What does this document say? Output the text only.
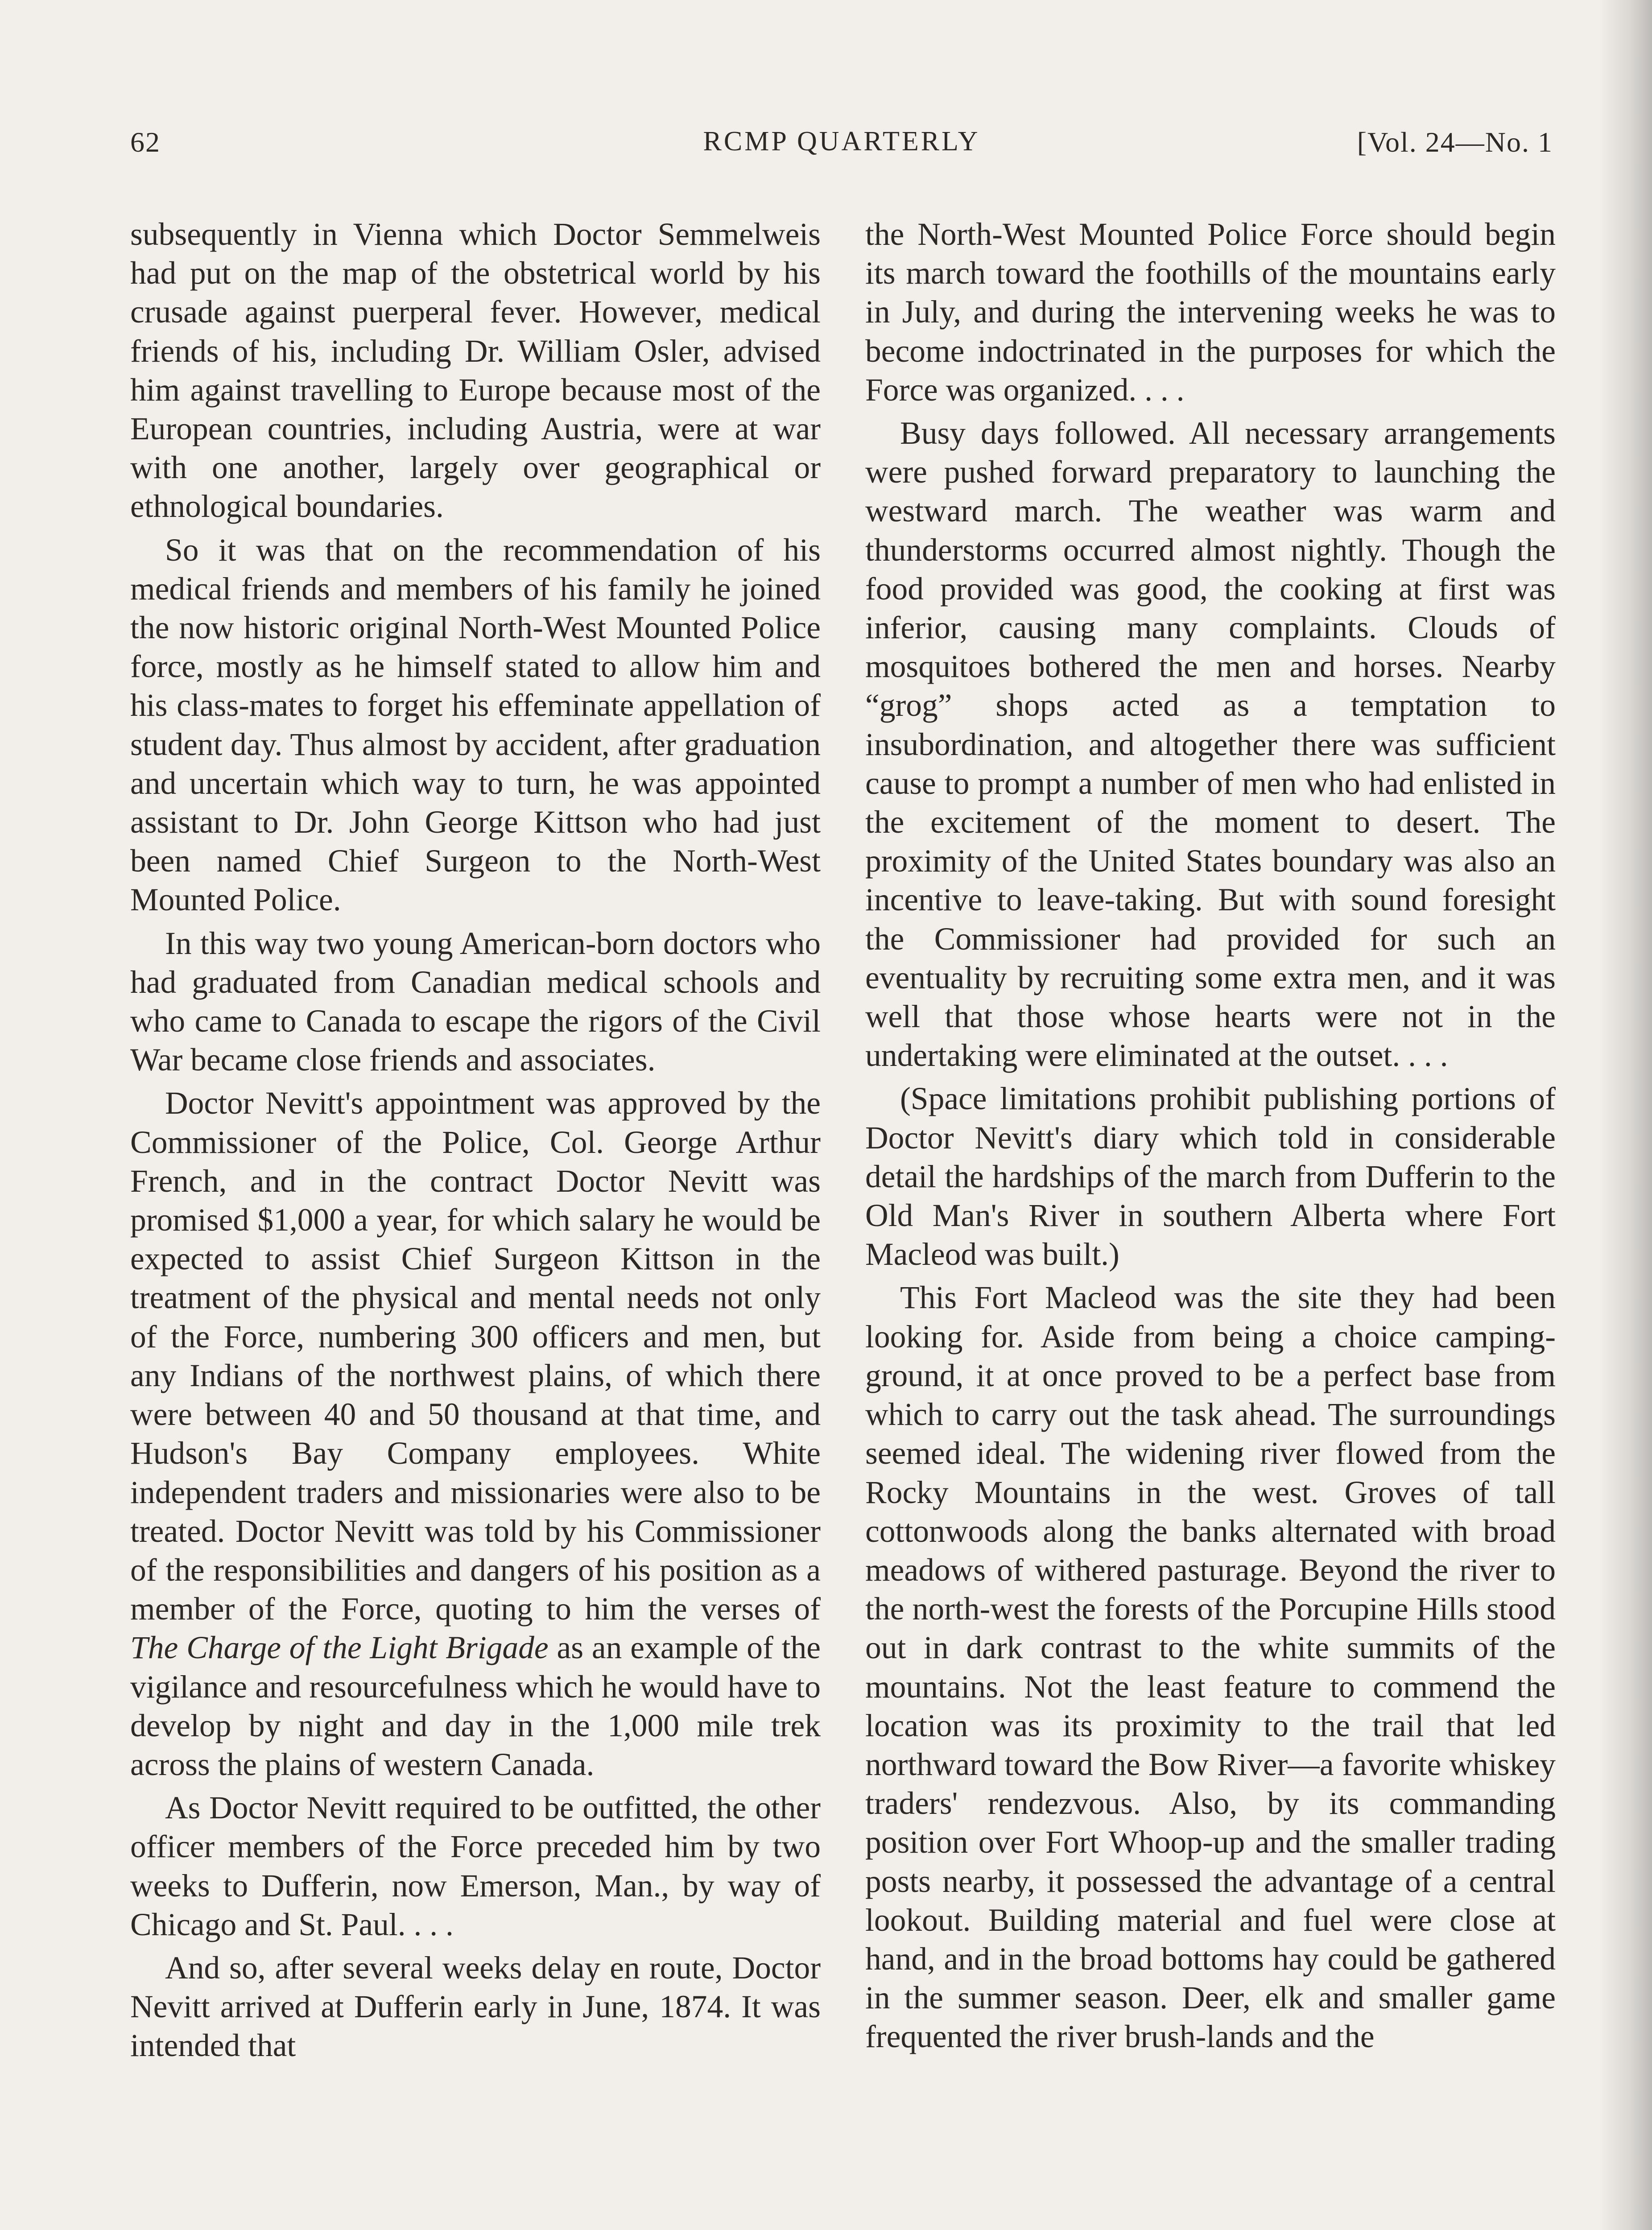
RCMP QUARTERLY
62	[Vol. 24—No. 1

subsequently in Vienna which Doctor Semmelweis had put on the map of the obstetrical world by his crusade against puerperal fever. However, medical friends of his, including Dr. William Osler, advised him against travelling to Europe because most of the European countries, including Austria, were at war with one another, largely over geographical or ethnological boundaries.

So it was that on the recommendation of his medical friends and members of his family he joined the now historic original North-West Mounted Police force, mostly as he himself stated to allow him and his class-mates to forget his effeminate appellation of student day. Thus almost by accident, after graduation and uncertain which way to turn, he was appointed assistant to Dr. John George Kittson who had just been named Chief Surgeon to the North-West Mounted Police.

In this way two young American-born doctors who had graduated from Canadian medical schools and who came to Canada to escape the rigors of the Civil War became close friends and associates.

Doctor Nevitt's appointment was approved by the Commissioner of the Police, Col. George Arthur French, and in the contract Doctor Nevitt was promised $1,000 a year, for which salary he would be expected to assist Chief Surgeon Kittson in the treatment of the physical and mental needs not only of the Force, numbering 300 officers and men, but any Indians of the northwest plains, of which there were between 40 and 50 thousand at that time, and Hudson's Bay Company employees. White independent traders and missionaries were also to be treated. Doctor Nevitt was told by his Commissioner of the responsibilities and dangers of his position as a member of the Force, quoting to him the verses of The Charge of the Light Brigade as an example of the vigilance and resourcefulness which he would have to develop by night and day in the 1,000 mile trek across the plains of western Canada.

As Doctor Nevitt required to be outfitted, the other officer members of the Force preceded him by two weeks to Dufferin, now Emerson, Man., by way of Chicago and St. Paul. . . .

And so, after several weeks delay en route, Doctor Nevitt arrived at Dufferin early in June, 1874. It was intended that

the North-West Mounted Police Force should begin its march toward the foothills of the mountains early in July, and during the intervening weeks he was to become indoctrinated in the purposes for which the Force was organized. . . .

Busy days followed. All necessary arrangements were pushed forward preparatory to launching the westward march. The weather was warm and thunderstorms occurred almost nightly. Though the food provided was good, the cooking at first was inferior, causing many complaints. Clouds of mosquitoes bothered the men and horses. Nearby “grog” shops acted as a temptation to insubordination, and altogether there was sufficient cause to prompt a number of men who had enlisted in the excitement of the moment to desert. The proximity of the United States boundary was also an incentive to leave-taking. But with sound foresight the Commissioner had provided for such an eventuality by recruiting some extra men, and it was well that those whose hearts were not in the undertaking were eliminated at the outset. . . .

(Space limitations prohibit publishing portions of Doctor Nevitt's diary which told in considerable detail the hardships of the march from Dufferin to the Old Man's River in southern Alberta where Fort Macleod was built.)

This Fort Macleod was the site they had been looking for. Aside from being a choice camping-ground, it at once proved to be a perfect base from which to carry out the task ahead. The surroundings seemed ideal. The widening river flowed from the Rocky Mountains in the west. Groves of tall cottonwoods along the banks alternated with broad meadows of withered pasturage. Beyond the river to the north-west the forests of the Porcupine Hills stood out in dark contrast to the white summits of the mountains. Not the least feature to commend the location was its proximity to the trail that led northward toward the Bow River—a favorite whiskey traders' rendezvous. Also, by its commanding position over Fort Whoop-up and the smaller trading posts nearby, it possessed the advantage of a central lookout. Building material and fuel were close at hand, and in the broad bottoms hay could be gathered in the summer season. Deer, elk and smaller game frequented the river brush-lands and the
